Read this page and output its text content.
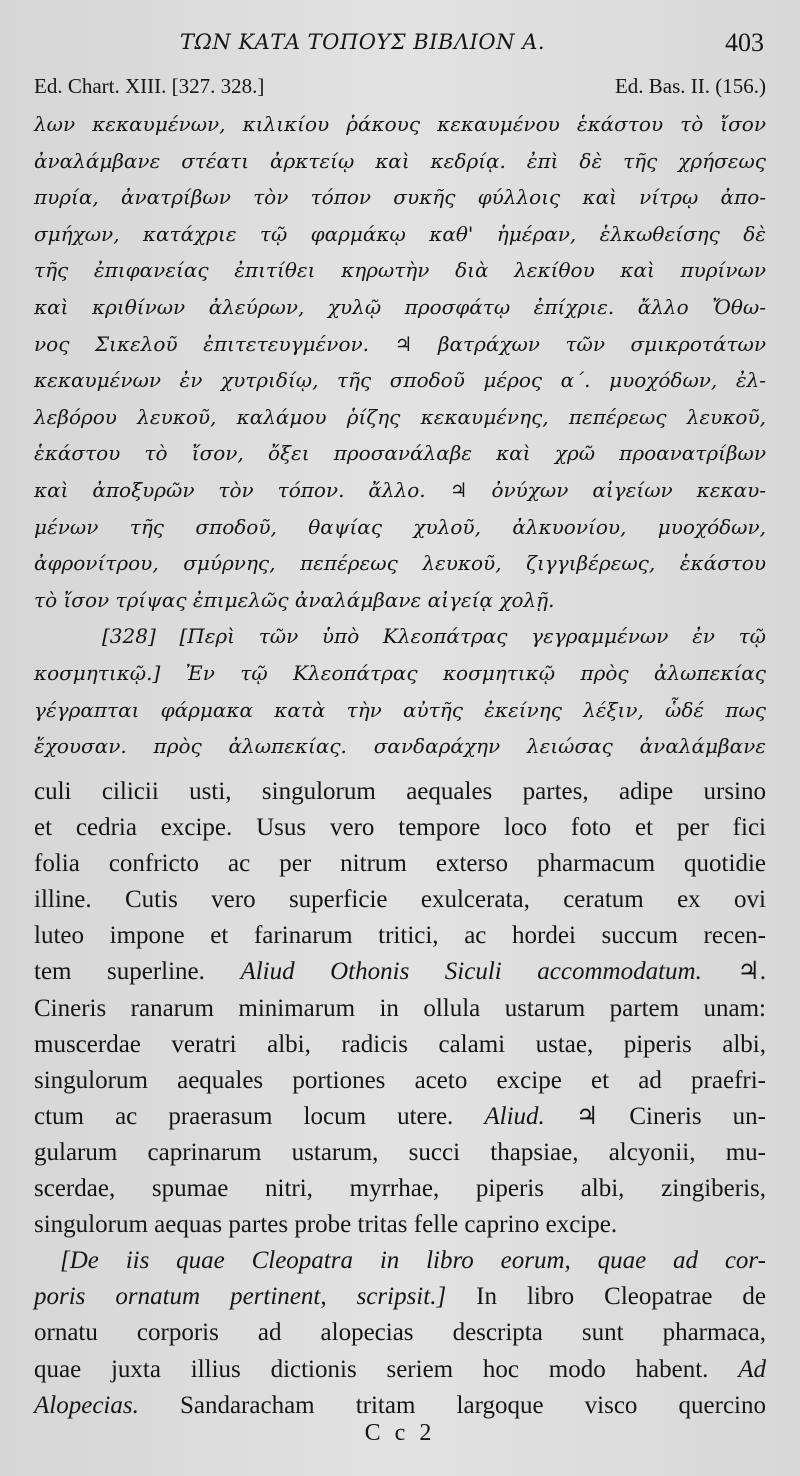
ΤΩΝ ΚΑΤΑ ΤΟΠΟΥΣ ΒΙΒΛΙΟΝ Α.	403
Ed. Chart. XIII. [327. 328.]	Ed. Bas. II. (156.)
λων κεκαυμένων, κιλικίου ῥάκους κεκαυμένου ἑκάστου τὸ ἴσον
ἀναλάμβανε στέατι ἀρκτείῳ καὶ κεδρίᾳ. ἐπὶ δὲ τῆς χρήσεως
πυρία, ἀνατρίβων τὸν τόπον συκῆς φύλλοις καὶ νίτρῳ ἀπο-
σμήχων, κατάχριε τῷ φαρμάκῳ καθ' ἡμέραν, ἑλκωθείσης δὲ
τῆς ἐπιφανείας ἐπιτίθει κηρωτὴν διὰ λεκίθου καὶ πυρίνων
καὶ κριθίνων ἀλεύρων, χυλῷ προσφάτῳ ἐπίχριε. ἄλλο Ὄθω-
νος Σικελοῦ ἐπιτετευγμένον. ♃ βατράχων τῶν σμικροτάτων
κεκαυμένων ἐν χυτριδίῳ, τῆς σποδοῦ μέρος α΄. μυοχόδων, ἐλ-
λεβόρου λευκοῦ, καλάμου ῥίζης κεκαυμένης, πεπέρεως λευκοῦ,
ἑκάστου τὸ ἴσον, ὄξει προσανάλαβε καὶ χρῶ προανατρίβων
καὶ ἀποξυρῶν τὸν τόπον. ἄλλο. ♃ ὀνύχων αἰγείων κεκαυ-
μένων τῆς σποδοῦ, θαψίας χυλοῦ, ἀλκυονίου, μυοχόδων,
ἀφρονίτρου, σμύρνης, πεπέρεως λευκοῦ, ζιγγιβέρεως, ἑκάστου
τὸ ἴσον τρίψας ἐπιμελῶς ἀναλάμβανε αἰγείᾳ χολῇ.
[328] [Περὶ τῶν ὑπὸ Κλεοπάτρας γεγραμμένων ἐν τῷ
κοσμητικῷ.] Ἐν τῷ Κλεοπάτρας κοσμητικῷ πρὸς ἀλωπεκίας
γέγραπται φάρμακα κατὰ τὴν αὐτῆς ἐκείνης λέξιν, ὧδέ πως
ἔχουσαν. πρὸς ἀλωπεκίας. σανδαράχην λειώσας ἀναλάμβανε
culi cilicii usti, singulorum aequales partes, adipe ursino
et cedria excipe. Usus vero tempore loco foto et per fici
folia confricto ac per nitrum exterso pharmacum quotidie
illine. Cutis vero superficie exulcerata, ceratum ex ovi
luteo impone et farinarum tritici, ac hordei succum recen-
tem superline. Aliud Othonis Siculi accommodatum. ♃.
Cineris ranarum minimarum in ollula ustarum partem unam:
muscerdae veratri albi, radicis calami ustae, piperis albi,
singulorum aequales portiones aceto excipe et ad praefri-
ctum ac praerasum locum utere. Aliud. ♃ Cineris un-
gularum caprinarum ustarum, succi thapsiae, alcyonii, mu-
scerdae, spumae nitri, myrrhae, piperis albi, zingiberis,
singulorum aequas partes probe tritas felle caprino excipe.
[De iis quae Cleopatra in libro eorum, quae ad cor-
poris ornatum pertinent, scripsit.] In libro Cleopatrae de
ornatu corporis ad alopecias descripta sunt pharmaca,
quae juxta illius dictionis seriem hoc modo habent. Ad
Alopecias. Sandaracham tritam largoque visco quercino
C c 2
